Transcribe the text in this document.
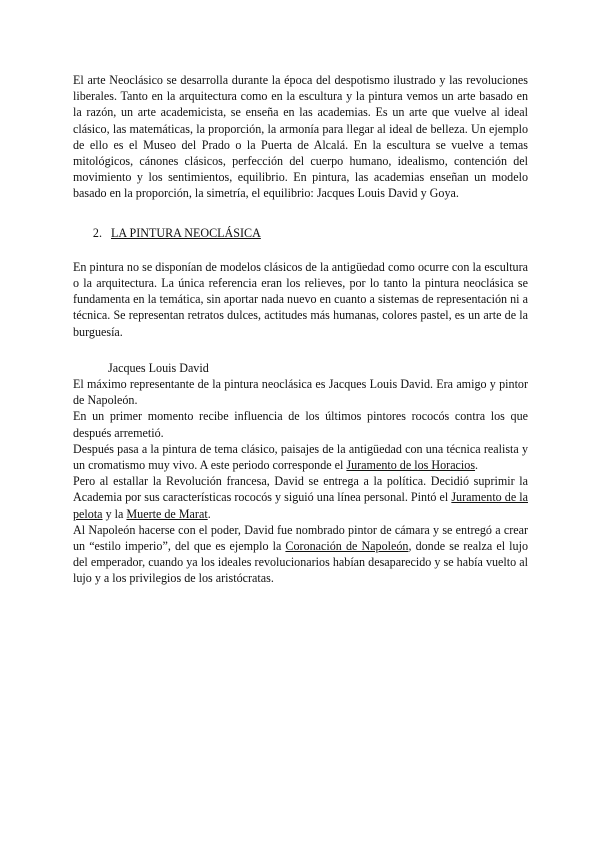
El arte Neoclásico se desarrolla durante la época del despotismo ilustrado y las revoluciones liberales. Tanto en la arquitectura como en la escultura y la pintura vemos un arte basado en la razón, un arte academicista, se enseña en las academias. Es un arte que vuelve al ideal clásico, las matemáticas, la proporción, la armonía para llegar al ideal de belleza. Un ejemplo de ello es el Museo del Prado o la Puerta de Alcalá. En la escultura se vuelve a temas mitológicos, cánones clásicos, perfección del cuerpo humano, idealismo, contención del movimiento y los sentimientos, equilibrio. En pintura, las academias enseñan un modelo basado en la proporción, la simetría, el equilibrio: Jacques Louis David y Goya.

2. LA PINTURA NEOCLÁSICA

En pintura no se disponían de modelos clásicos de la antigüedad como ocurre con la escultura o la arquitectura. La única referencia eran los relieves, por lo tanto la pintura neoclásica se fundamenta en la temática, sin aportar nada nuevo en cuanto a sistemas de representación ni a técnica. Se representan retratos dulces, actitudes más humanas, colores pastel, es un arte de la burguesía.

Jacques Louis David

El máximo representante de la pintura neoclásica es Jacques Louis David. Era amigo y pintor de Napoleón.

En un primer momento recibe influencia de los últimos pintores rococós contra los que después arremetió.

Después pasa a la pintura de tema clásico, paisajes de la antigüedad con una técnica realista y un cromatismo muy vivo. A este periodo corresponde el Juramento de los Horacios.

Pero al estallar la Revolución francesa, David se entrega a la política. Decidió suprimir la Academia por sus características rococós y siguió una línea personal. Pintó el Juramento de la pelota y la Muerte de Marat.

Al Napoleón hacerse con el poder, David fue nombrado pintor de cámara y se entregó a crear un “estilo imperio”, del que es ejemplo la Coronación de Napoleón, donde se realza el lujo del emperador, cuando ya los ideales revolucionarios habían desaparecido y se había vuelto al lujo y a los privilegios de los aristócratas.
